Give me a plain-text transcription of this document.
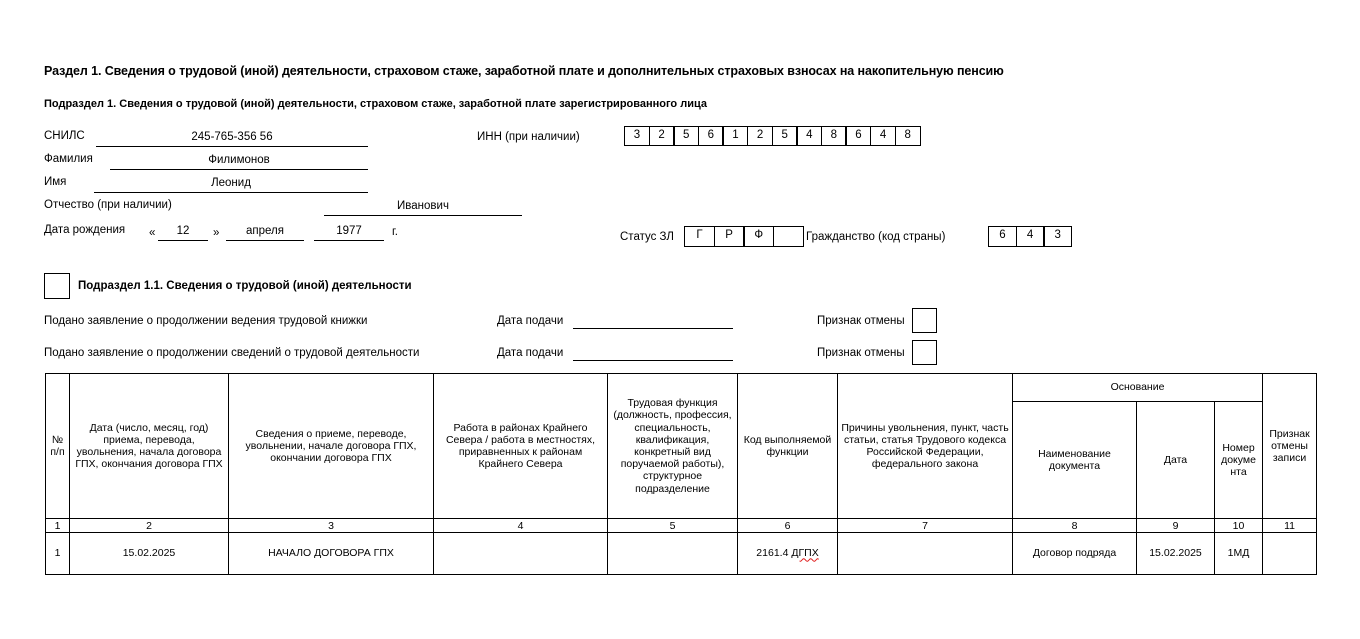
Раздел 1. Сведения о трудовой (иной) деятельности, страховом стаже, заработной плате и дополнительных страховых взносах на накопительную пенсию
Подраздел 1. Сведения о трудовой (иной) деятельности, страховом стаже, заработной плате зарегистрированного лица
СНИЛС	245-765-356 56
Фамилия	Филимонов
Имя	Леонид
Отчество (при наличии)	Иванович
Дата рождения «	12	»	апреля	1977	г.
ИНН (при наличии)	3	2	5	6	1	2	5	4	8	6	4	8
Статус ЗЛ	Г	Р	Ф	Гражданство (код страны)	6	4	3
Подраздел 1.1. Сведения о трудовой (иной) деятельности
Подано заявление о продолжении ведения трудовой книжки	Дата подачи	Признак отмены
Подано заявление о продолжении сведений о трудовой деятельности	Дата подачи	Признак отмены
№ п/п	Дата (число, месяц, год) приема, перевода, увольнения, начала договора ГПХ, окончания договора ГПХ	Сведения о приеме, переводе, увольнении, начале договора ГПХ, окончании договора ГПХ	Работа в районах Крайнего Севера / работа в местностях, приравненных к районам Крайнего Севера	Трудовая функция (должность, профессия, специальность, квалификация, конкретный вид поручаемой работы), структурное подразделение	Код выполняемой функции	Причины увольнения, пункт, часть статьи, статья Трудового кодекса Российской Федерации, федерального закона	Основание			Признак отмены записи
							Наименование документа	Дата	Номер докуме нта	
1	2	3	4	5	6	7	8	9	10	11
1	15.02.2025	НАЧАЛО ДОГОВОРА ГПХ			2161.4 ДГПХ		Договор подряда	15.02.2025	1МД	
